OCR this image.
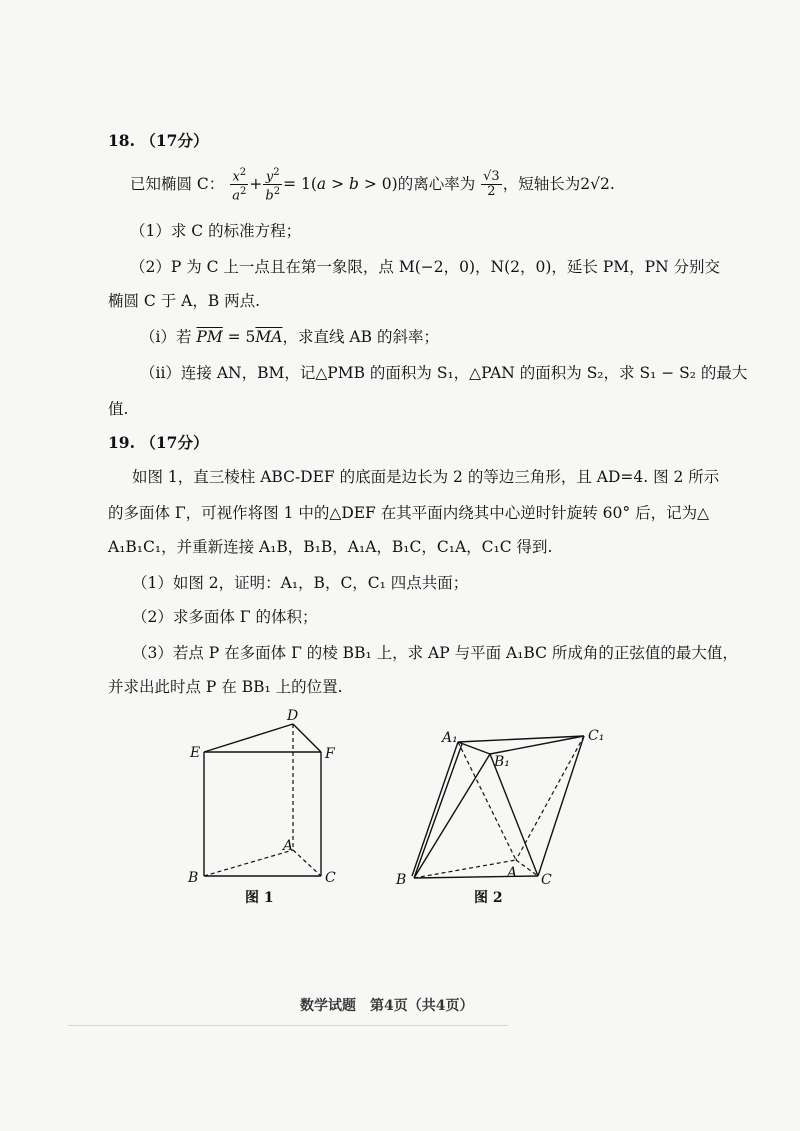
18. （17分）
已知椭圆 C： $\frac{x^2}{a^2} + \frac{y^2}{b^2} = 1(a > b > 0)$的离心率为 $\frac{√3}{2}$ ，短轴长为2√2.
（1）求 C 的标准方程；
（2）P 为 C 上一点且在第一象限，点 M(−2，0)，N(2，0)，延长 PM，PN 分别交
椭圆 C 于 A，B 两点.
（i）若 $\overline{PM} = 5\overline{MA}$，求直线 AB 的斜率；
（ii）连接 AN，BM，记△PMB 的面积为 S₁，△PAN 的面积为 S₂，求 S₁ − S₂ 的最大
值.
19. （17分）
如图 1，直三棱柱 ABC-DEF 的底面是边长为 2 的等边三角形，且 AD=4. 图 2 所示
的多面体 Γ，可视作将图 1 中的△DEF 在其平面内绕其中心逆时针旋转 60° 后，记为△
A₁B₁C₁，并重新连接 A₁B，B₁B，A₁A，B₁C，C₁A，C₁C 得到.
（1）如图 2，证明：A₁，B，C，C₁ 四点共面；
（2）求多面体 Γ 的体积；
（3）若点 P 在多面体 Γ 的棱 BB₁ 上，求 AP 与平面 A₁BC 所成角的正弦值的最大值，
并求出此时点 P 在 BB₁ 上的位置.
D
E	F
A
B	C
图 1
A₁
B₁
C₁
A
B	C
图 2
数学试题　第4页（共4页）
